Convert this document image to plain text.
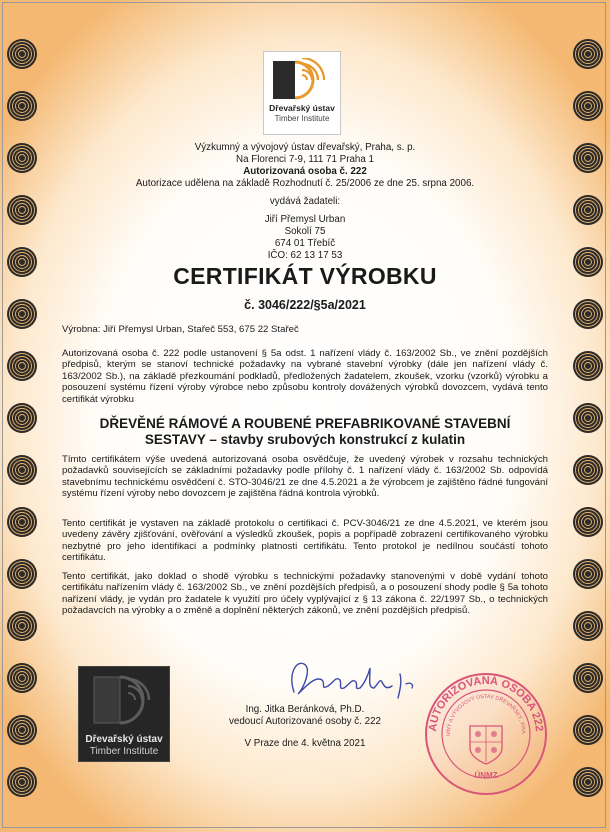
Dřevařský ústav
Timber Institute
Výzkumný a vývojový ústav dřevařský, Praha, s. p.
Na Florenci 7-9, 111 71 Praha 1
Autorizovaná osoba č. 222
Autorizace udělena na základě Rozhodnutí č. 25/2006 ze dne 25. srpna 2006.
vydává žadateli:
Jiří Přemysl Urban
Sokolí 75
674 01 Třebíč
IČO: 62 13 17 53
CERTIFIKÁT VÝROBKU
č. 3046/222/§5a/2021
Výrobna: Jiří Přemysl Urban, Stařeč 553, 675 22 Stařeč
Autorizovaná osoba č. 222 podle ustanovení § 5a odst. 1 nařízení vlády č. 163/2002 Sb., ve znění pozdějších předpisů, kterým se stanoví technické požadavky na vybrané stavební výrobky (dále jen nařízení vlády č. 163/2002 Sb.), na základě přezkoumání podkladů, předložených žadatelem, zkoušek, vzorku (vzorků) výrobku a posouzení systému řízení výroby výrobce nebo způsobu kontroly dovážených výrobků dovozcem, vydává tento certifikát výrobku
DŘEVĚNÉ RÁMOVÉ A ROUBENÉ PREFABRIKOVANÉ STAVEBNÍ
SESTAVY – stavby srubových konstrukcí z kulatin
Tímto certifikátem výše uvedená autorizovaná osoba osvědčuje, že uvedený výrobek v rozsahu technických požadavků souvisejících se základními požadavky podle přílohy č. 1 nařízení vlády č. 163/2002 Sb. odpovídá stavebnímu technickému osvědčení č. STO-3046/21 ze dne 4.5.2021 a že výrobcem je zajištěno řádné fungování systému řízení výroby nebo dovozcem je zajištěna řádná kontrola výrobků.
Tento certifikát je vystaven na základě protokolu o certifikaci č. PCV-3046/21 ze dne 4.5.2021, ve kterém jsou uvedeny závěry zjišťování, ověřování a výsledků zkoušek, popis a popřípadě zobrazení certifikovaného výrobku nezbytné pro jeho identifikaci a podmínky platnosti certifikátu. Tento protokol je nedílnou součástí tohoto certifikátu.
Tento certifikát, jako doklad o shodě výrobku s technickými požadavky stanovenými v době vydání tohoto certifikátu nařízením vlády č. 163/2002 Sb., ve znění pozdějších předpisů, a o posouzení shody podle § 5a tohoto nařízení vlády, je vydán pro žadatele k využití pro účely vyplývající z § 13 zákona č. 22/1997 Sb., o technických požadavcích na výrobky a o změně a doplnění některých zákonů, ve znění pozdějších předpisů.
Dřevařský ústav
Timber Institute
AUTORIZOVANÁ OSOBA 222
MNÝ A VÝVOJOVÝ ÚSTAV DŘEVAŘSKÝ, PRA
ÚNMZ
Ing. Jitka Beránková, Ph.D.
vedoucí Autorizované osoby č. 222
V Praze dne 4. května 2021
